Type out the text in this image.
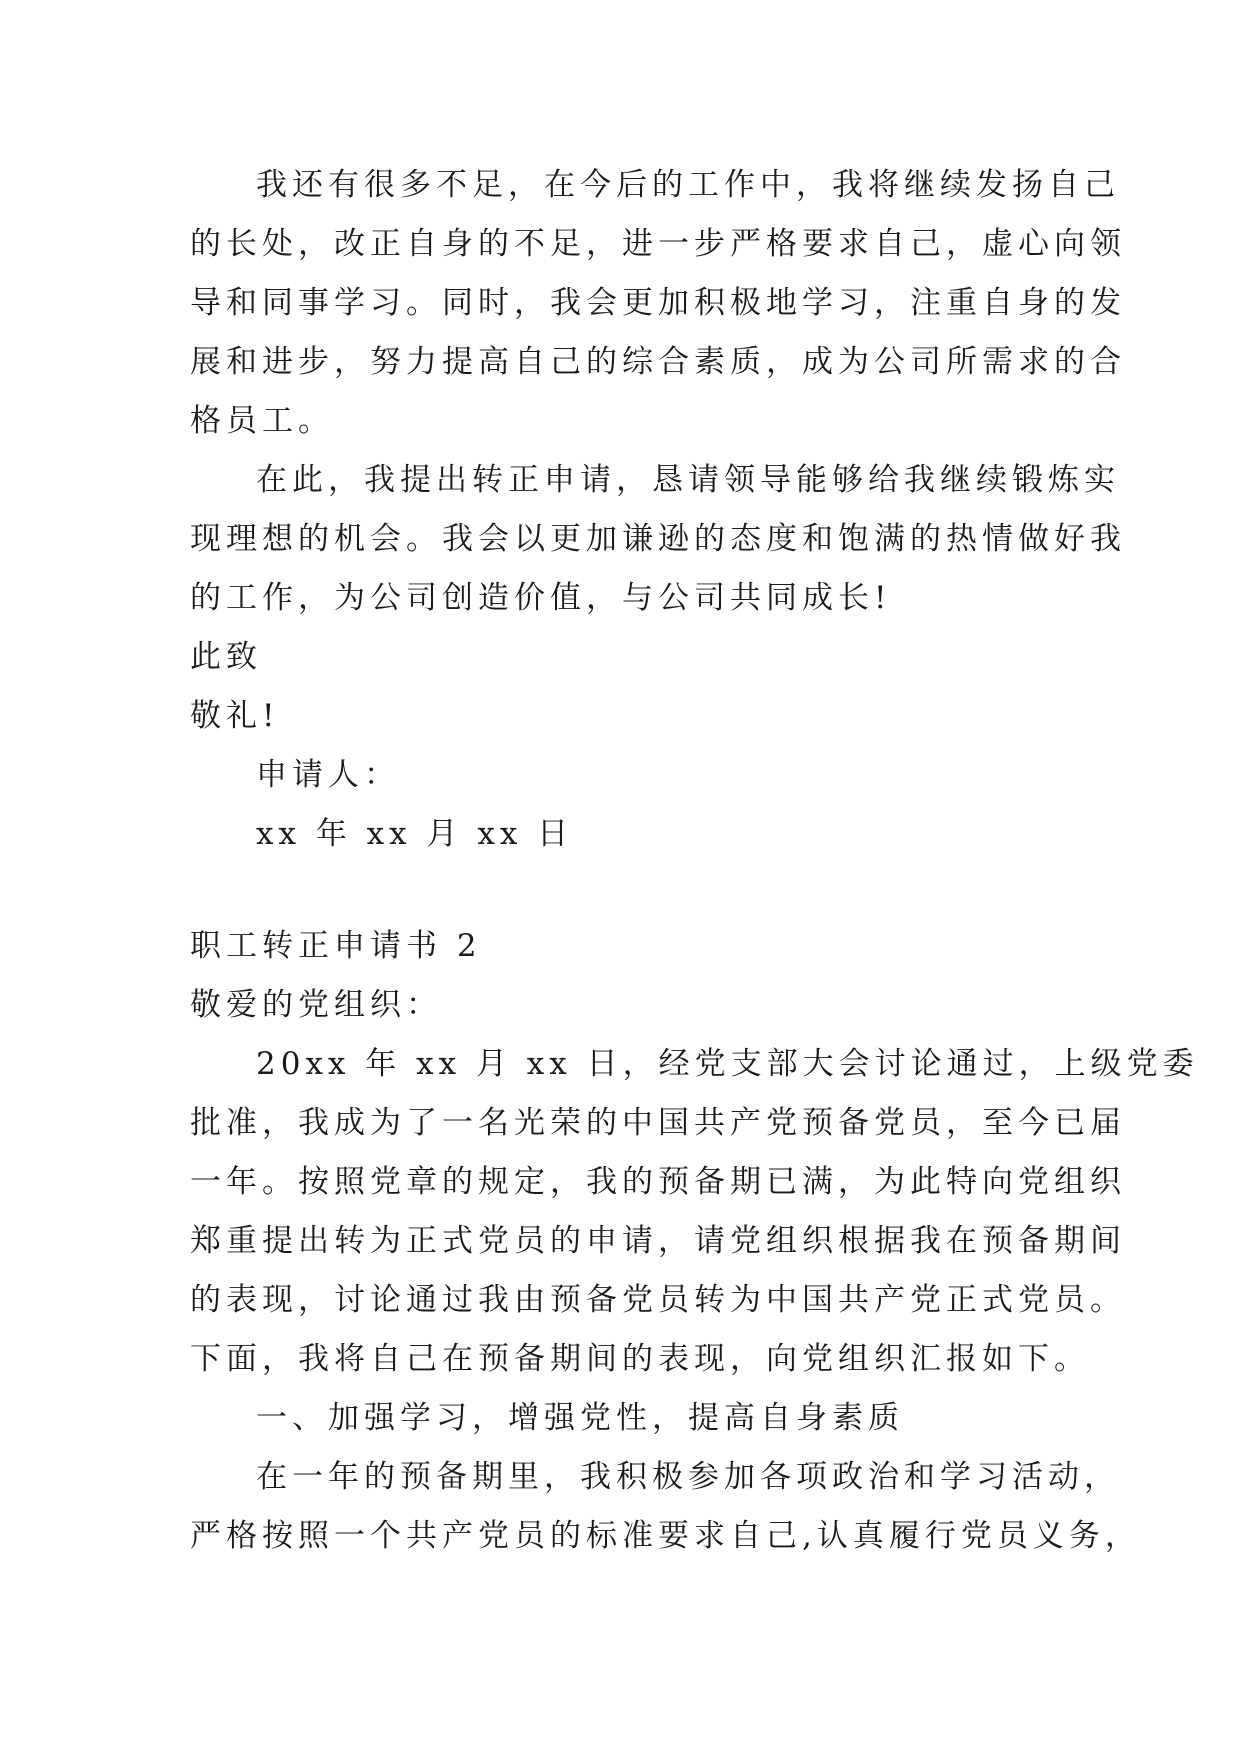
我还有很多不足，在今后的工作中，我将继续发扬自己
的长处，改正自身的不足，进一步严格要求自己，虚心向领
导和同事学习。同时，我会更加积极地学习，注重自身的发
展和进步，努力提高自己的综合素质，成为公司所需求的合
格员工。
在此，我提出转正申请，恳请领导能够给我继续锻炼实
现理想的机会。我会以更加谦逊的态度和饱满的热情做好我
的工作，为公司创造价值，与公司共同成长!
此致
敬礼!
申请人：
xx 年 xx 月 xx 日
职工转正申请书 2
敬爱的党组织：
20xx 年 xx 月 xx 日，经党支部大会讨论通过，上级党委
批准，我成为了一名光荣的中国共产党预备党员，至今已届
一年。按照党章的规定，我的预备期已满，为此特向党组织
郑重提出转为正式党员的申请，请党组织根据我在预备期间
的表现，讨论通过我由预备党员转为中国共产党正式党员。
下面，我将自己在预备期间的表现，向党组织汇报如下。
一、加强学习，增强党性，提高自身素质
在一年的预备期里，我积极参加各项政治和学习活动，
严格按照一个共产党员的标准要求自己,认真履行党员义务，
